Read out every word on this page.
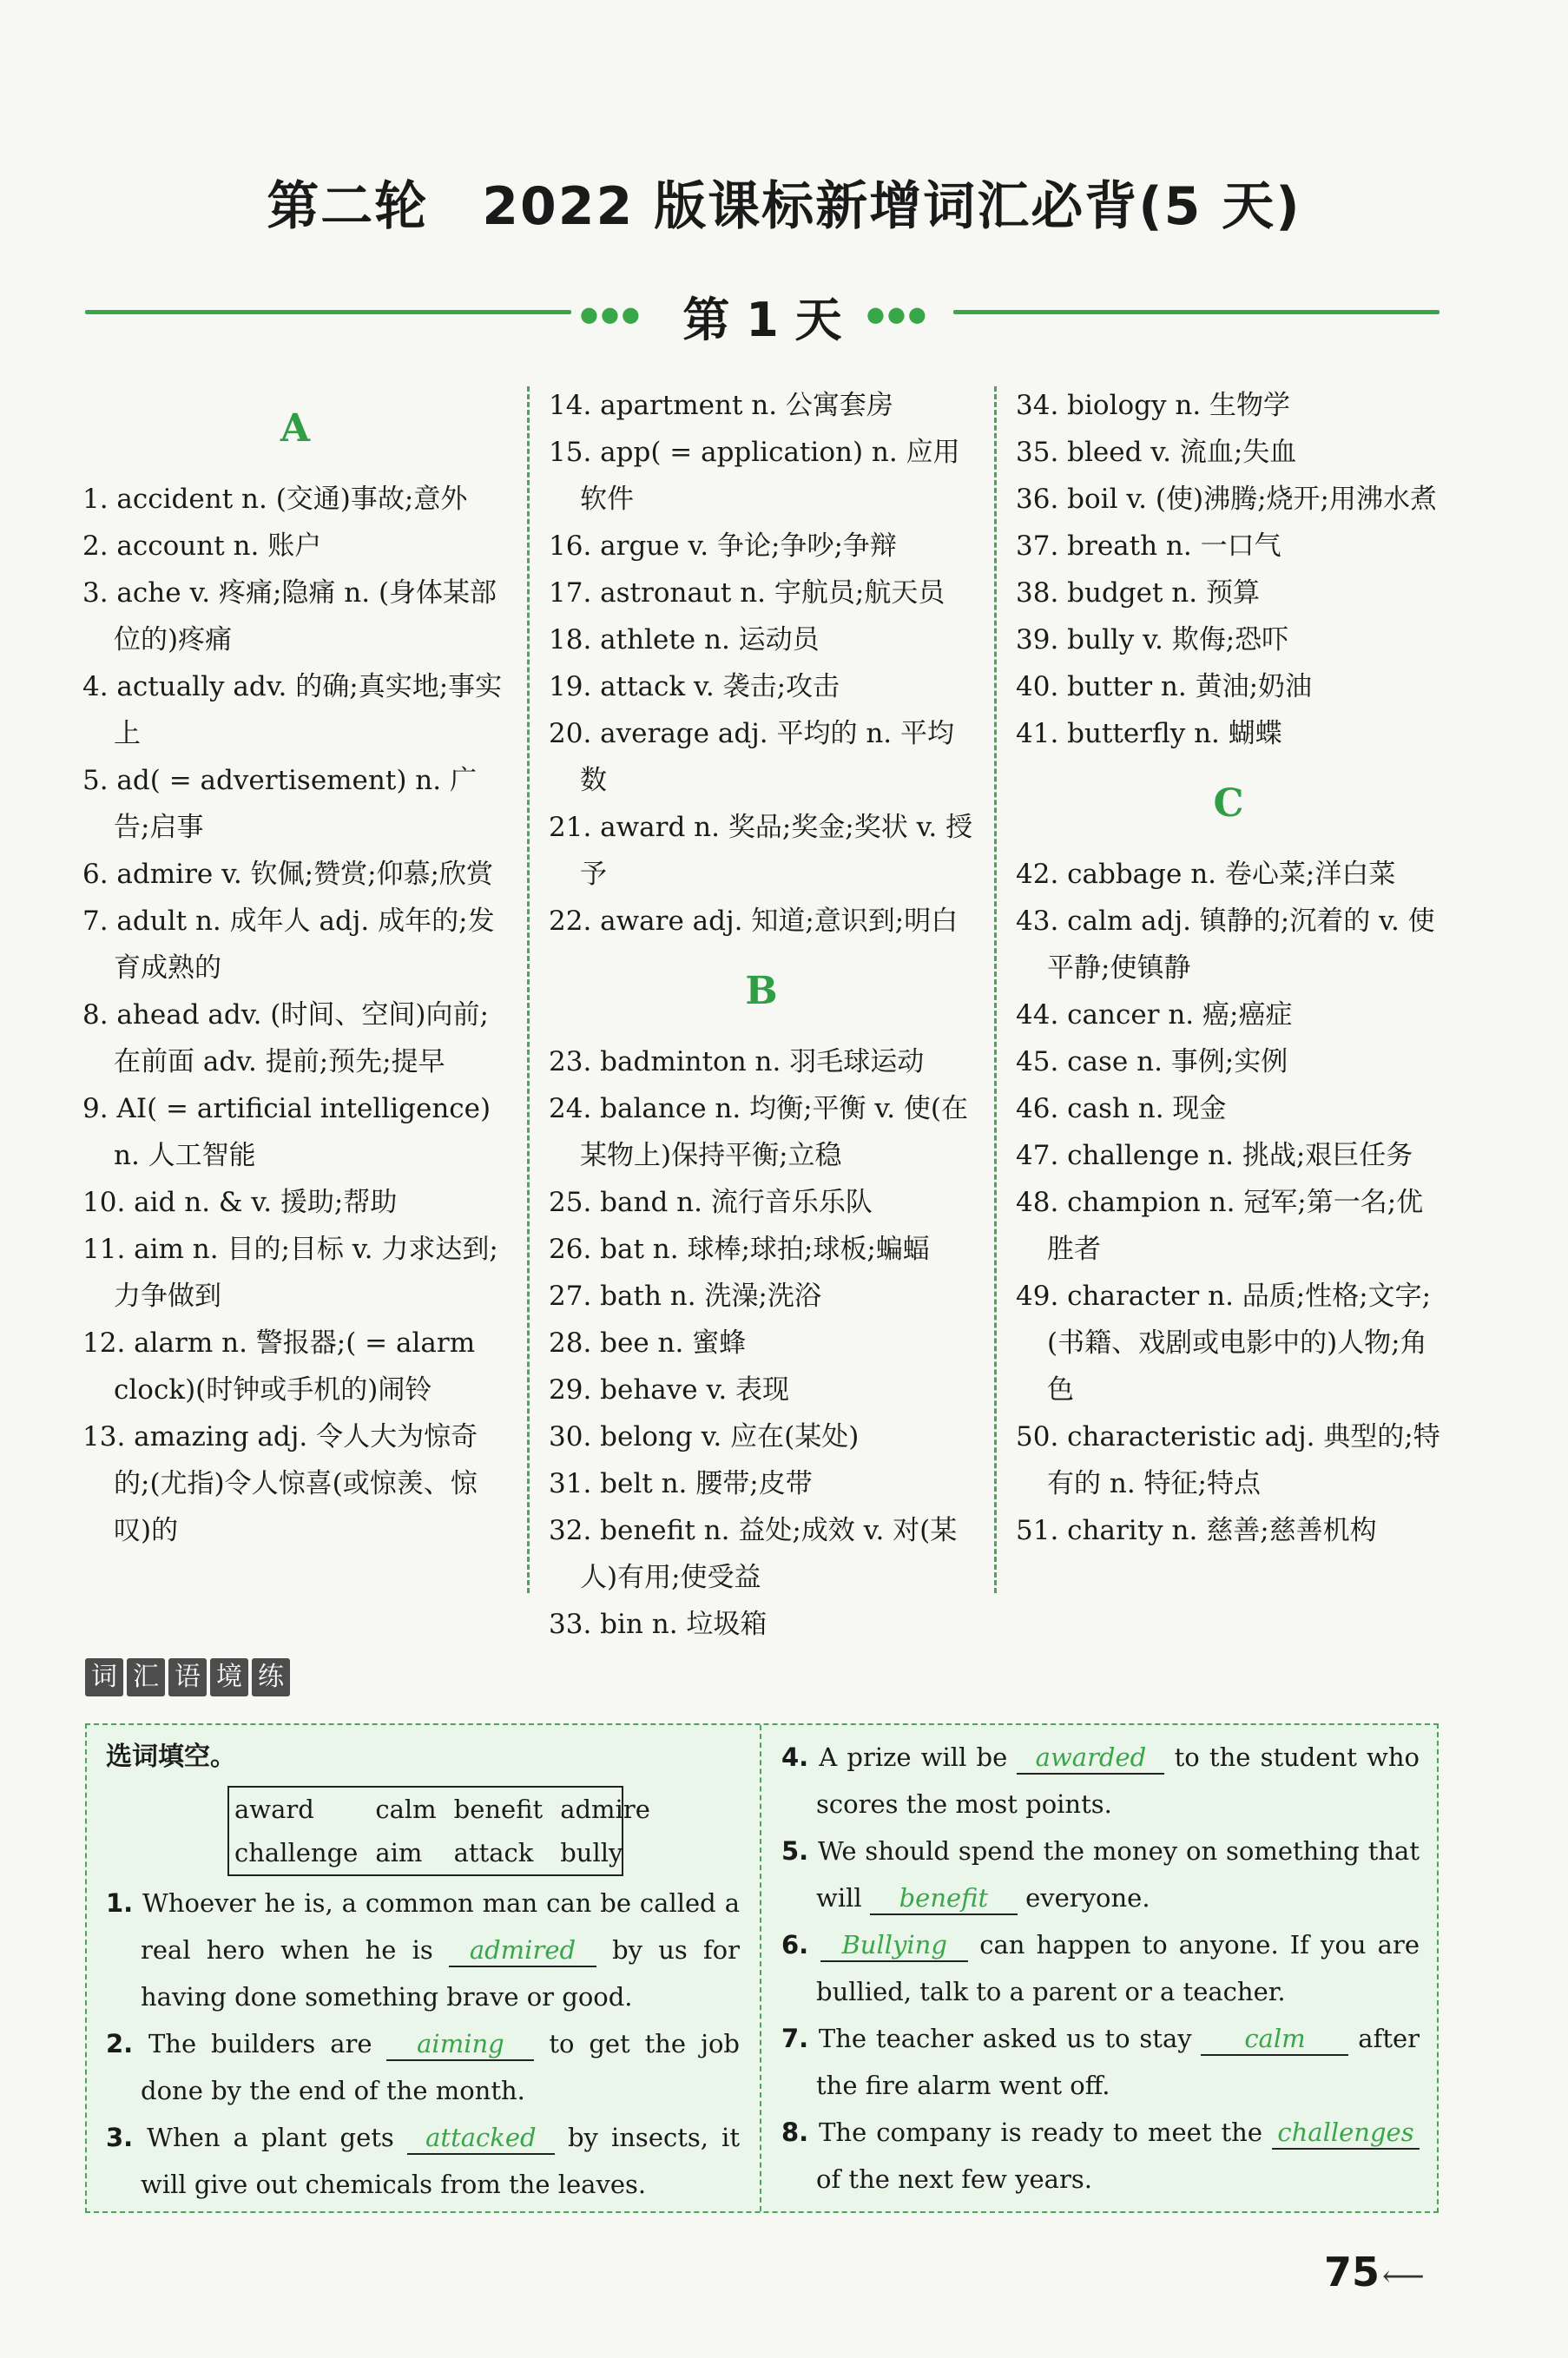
第二轮　2022 版课标新增词汇必背(5 天)
●●● 第 1 天	●●●
A
1. accident n. (交通)事故;意外
2. account n. 账户
3. ache v. 疼痛;隐痛 n. (身体某部位的)疼痛
4. actually adv. 的确;真实地;事实上
5. ad( = advertisement) n. 广告;启事
6. admire v. 钦佩;赞赏;仰慕;欣赏
7. adult n. 成年人 adj. 成年的;发育成熟的
8. ahead adv. (时间、空间)向前;在前面 adv. 提前;预先;提早
9. AI( = artificial intelligence) n. 人工智能
10. aid n. & v. 援助;帮助
11. aim n. 目的;目标 v. 力求达到;力争做到
12. alarm n. 警报器;( = alarm clock)(时钟或手机的)闹铃
13. amazing adj. 令人大为惊奇的;(尤指)令人惊喜(或惊羡、惊叹)的
14. apartment n. 公寓套房
15. app( = application) n. 应用软件
16. argue v. 争论;争吵;争辩
17. astronaut n. 宇航员;航天员
18. athlete n. 运动员
19. attack v. 袭击;攻击
20. average adj. 平均的 n. 平均数
21. award n. 奖品;奖金;奖状 v. 授予
22. aware adj. 知道;意识到;明白
B
23. badminton n. 羽毛球运动
24. balance n. 均衡;平衡 v. 使(在某物上)保持平衡;立稳
25. band n. 流行音乐乐队
26. bat n. 球棒;球拍;球板;蝙蝠
27. bath n. 洗澡;洗浴
28. bee n. 蜜蜂
29. behave v. 表现
30. belong v. 应在(某处)
31. belt n. 腰带;皮带
32. benefit n. 益处;成效 v. 对(某人)有用;使受益
33. bin n. 垃圾箱
34. biology n. 生物学
35. bleed v. 流血;失血
36. boil v. (使)沸腾;烧开;用沸水煮
37. breath n. 一口气
38. budget n. 预算
39. bully v. 欺侮;恐吓
40. butter n. 黄油;奶油
41. butterfly n. 蝴蝶
C
42. cabbage n. 卷心菜;洋白菜
43. calm adj. 镇静的;沉着的 v. 使平静;使镇静
44. cancer n. 癌;癌症
45. case n. 事例;实例
46. cash n. 现金
47. challenge n. 挑战;艰巨任务
48. champion n. 冠军;第一名;优胜者
49. character n. 品质;性格;文字;(书籍、戏剧或电影中的)人物;角色
50. characteristic adj. 典型的;特有的 n. 特征;特点
51. charity n. 慈善;慈善机构
词 汇 语 境 练
选词填空。
award	calm benefit admire
challenge aim	attack	bully
1. Whoever he is, a common man can be called a real hero when he is admired by us for having done something brave or good.
2. The builders are aiming to get the job done by the end of the month.
3. When a plant gets attacked by insects, it will give out chemicals from the leaves.
4. A prize will be awarded to the student who scores the most points.
5. We should spend the money on something that will benefit everyone.
6. Bullying can happen to anyone. If you are bullied, talk to a parent or a teacher.
7. The teacher asked us to stay calm after the fire alarm went off.
8. The company is ready to meet the challenges of the next few years.
75 ⟵
